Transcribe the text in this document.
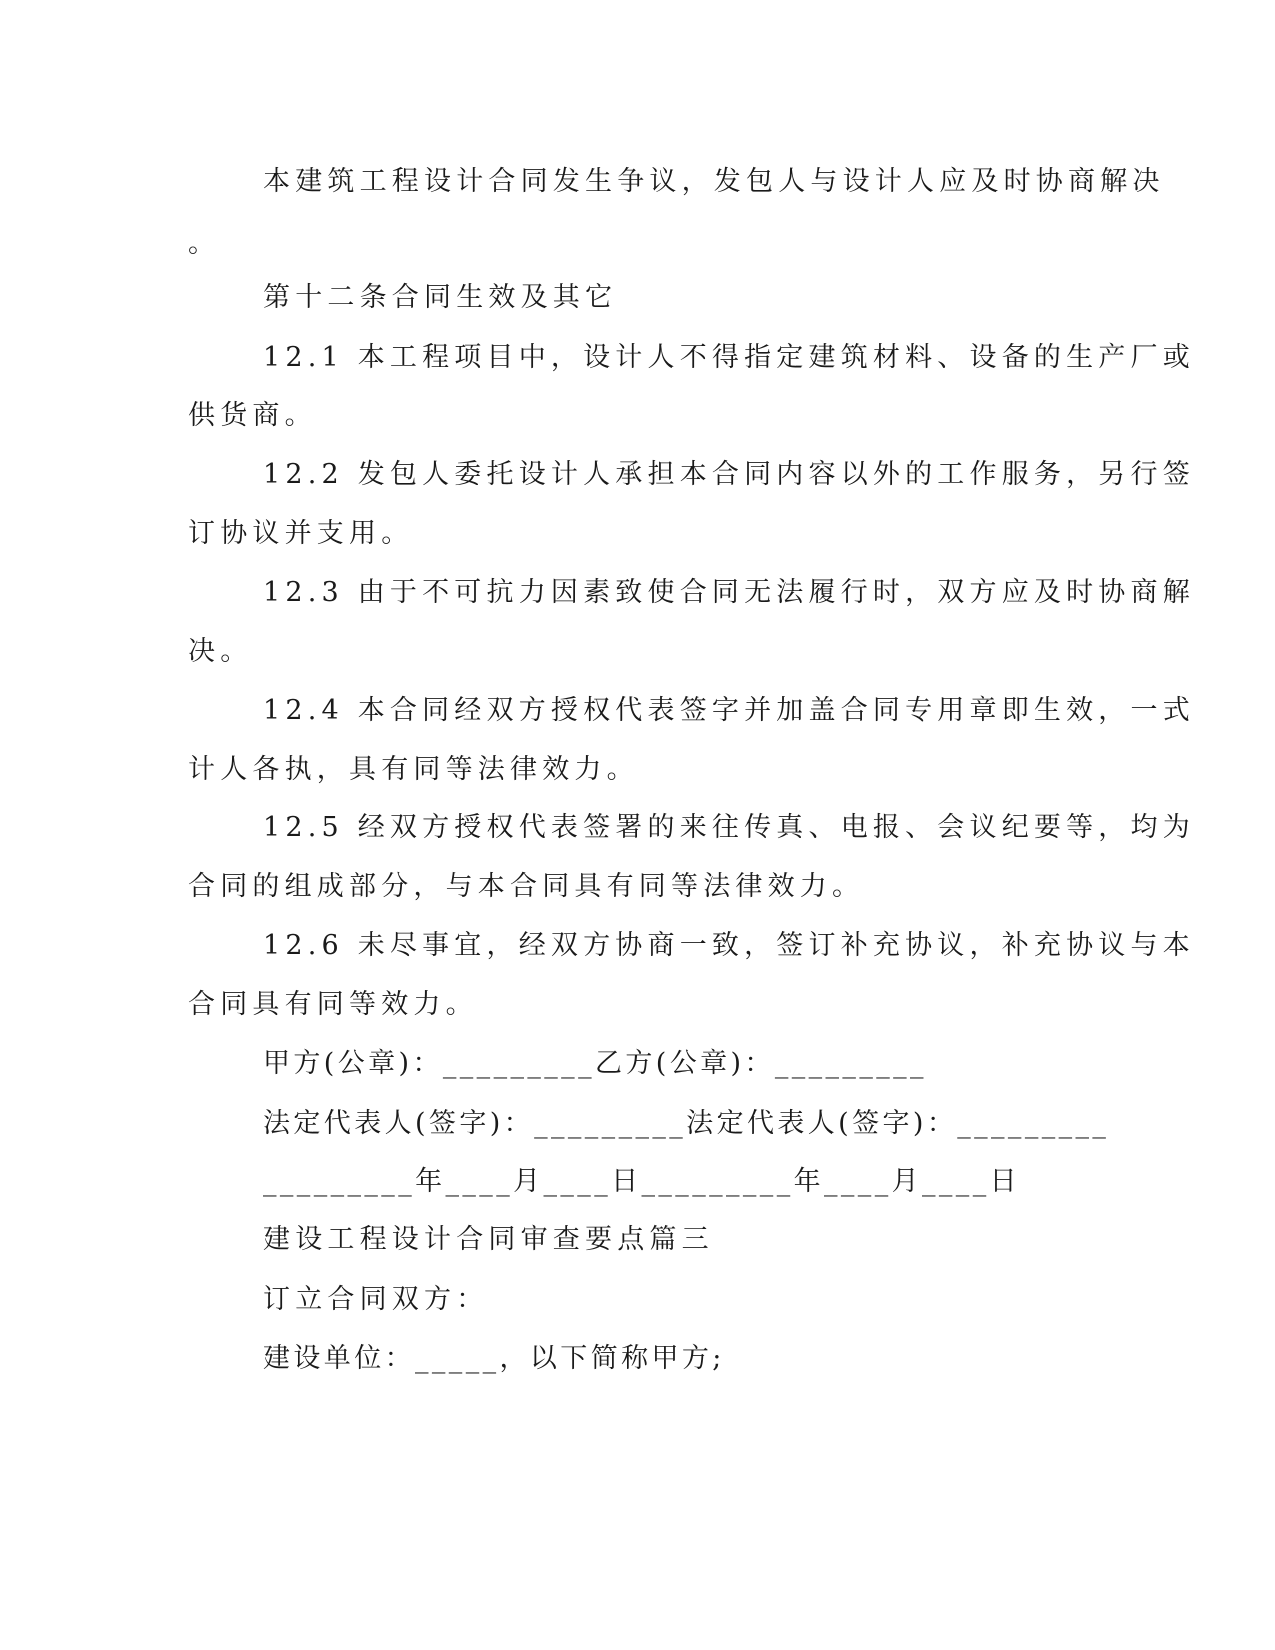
本建筑工程设计合同发生争议，发包人与设计人应及时协商解决
。
第十二条合同生效及其它
12.1 本工程项目中，设计人不得指定建筑材料、设备的生产厂或
供货商。
12.2 发包人委托设计人承担本合同内容以外的工作服务，另行签
订协议并支用。
12.3 由于不可抗力因素致使合同无法履行时，双方应及时协商解
决。
12.4 本合同经双方授权代表签字并加盖合同专用章即生效，一式
计人各执，具有同等法律效力。
12.5 经双方授权代表签署的来往传真、电报、会议纪要等，均为
合同的组成部分，与本合同具有同等法律效力。
12.6 未尽事宜，经双方协商一致，签订补充协议，补充协议与本
合同具有同等效力。
甲方(公章)：_________乙方(公章)：_________
法定代表人(签字)：_________法定代表人(签字)：_________
_________年____月____日_________年____月____日
建设工程设计合同审查要点篇三
订立合同双方：
建设单位：_____，以下简称甲方;
